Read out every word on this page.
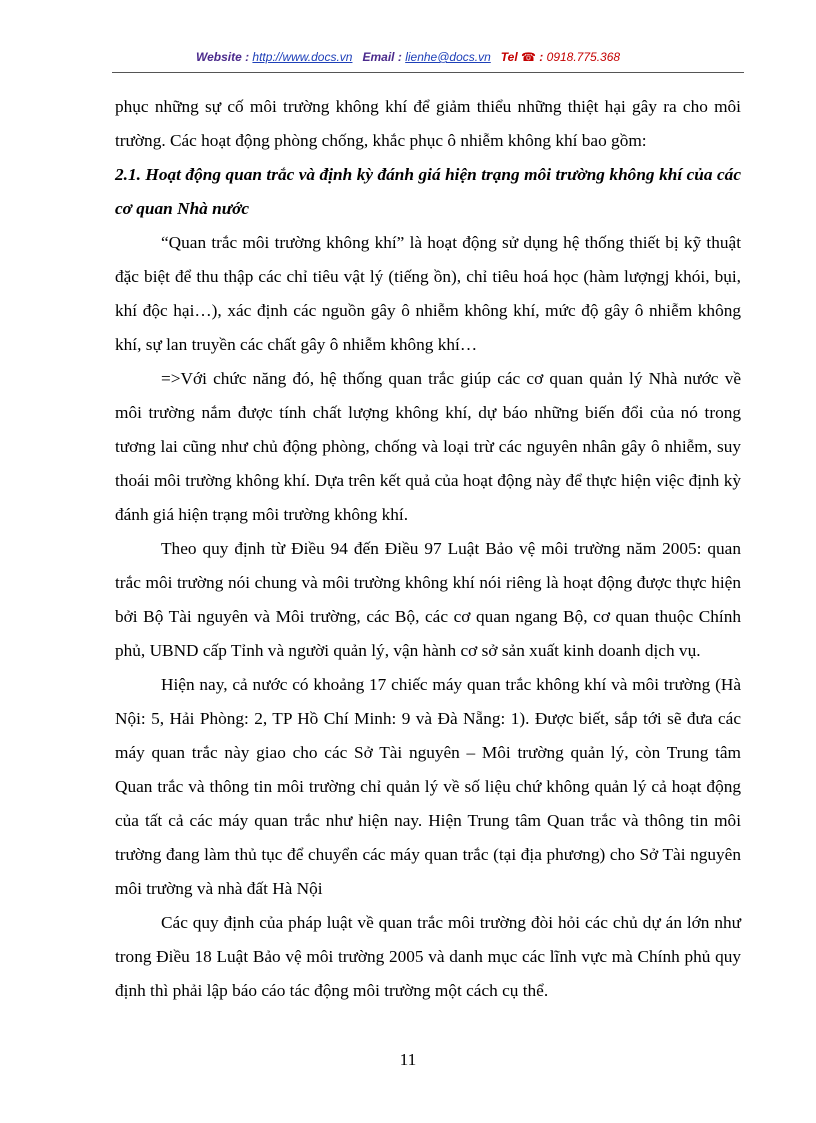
Website : http://www.docs.vn Email : lienhe@docs.vn Tel ☎ : 0918.775.368

phục những sự cố môi trường không khí để giảm thiểu những thiệt hại gây ra cho môi trường. Các hoạt động phòng chống, khắc phục ô nhiễm không khí bao gồm:

2.1. Hoạt động quan trắc và định kỳ đánh giá hiện trạng môi trường không khí của các cơ quan Nhà nước

“Quan trắc môi trường không khí” là hoạt động sử dụng hệ thống thiết bị kỹ thuật đặc biệt để thu thập các chỉ tiêu vật lý (tiếng ồn), chỉ tiêu hoá học (hàm lượngj khói, bụi, khí độc hại…), xác định các nguồn gây ô nhiễm không khí, mức độ gây ô nhiễm không khí, sự lan truyền các chất gây ô nhiễm không khí…

=>Với chức năng đó, hệ thống quan trắc giúp các cơ quan quản lý Nhà nước về môi trường nắm được tính chất lượng không khí, dự báo những biến đổi của nó trong tương lai cũng như chủ động phòng, chống và loại trừ các nguyên nhân gây ô nhiễm, suy thoái môi trường không khí. Dựa trên kết quả của hoạt động này để thực hiện việc định kỳ đánh giá hiện trạng môi trường không khí.

Theo quy định từ Điều 94 đến Điều 97 Luật Bảo vệ môi trường năm 2005: quan trắc môi trường nói chung và môi trường không khí nói riêng là hoạt động được thực hiện bởi Bộ Tài nguyên và Môi trường, các Bộ, các cơ quan ngang Bộ, cơ quan thuộc Chính phủ, UBND cấp Tỉnh và người quản lý, vận hành cơ sở sản xuất kinh doanh dịch vụ.

Hiện nay, cả nước có khoảng 17 chiếc máy quan trắc không khí và môi trường (Hà Nội: 5, Hải Phòng: 2, TP Hồ Chí Minh: 9 và Đà Nẵng: 1). Được biết, sắp tới sẽ đưa các máy quan trắc này giao cho các Sở Tài nguyên – Môi trường quản lý, còn Trung tâm Quan trắc và thông tin môi trường chỉ quản lý về số liệu chứ không quản lý cả hoạt động của tất cả các máy quan trắc như hiện nay. Hiện Trung tâm Quan trắc và thông tin môi trường đang làm thủ tục để chuyển các máy quan trắc (tại địa phương) cho Sở Tài nguyên môi trường và nhà đất Hà Nội

Các quy định của pháp luật về quan trắc môi trường đòi hỏi các chủ dự án lớn như trong Điều 18 Luật Bảo vệ môi trường 2005 và danh mục các lĩnh vực mà Chính phủ quy định thì phải lập báo cáo tác động môi trường một cách cụ thể.

11
